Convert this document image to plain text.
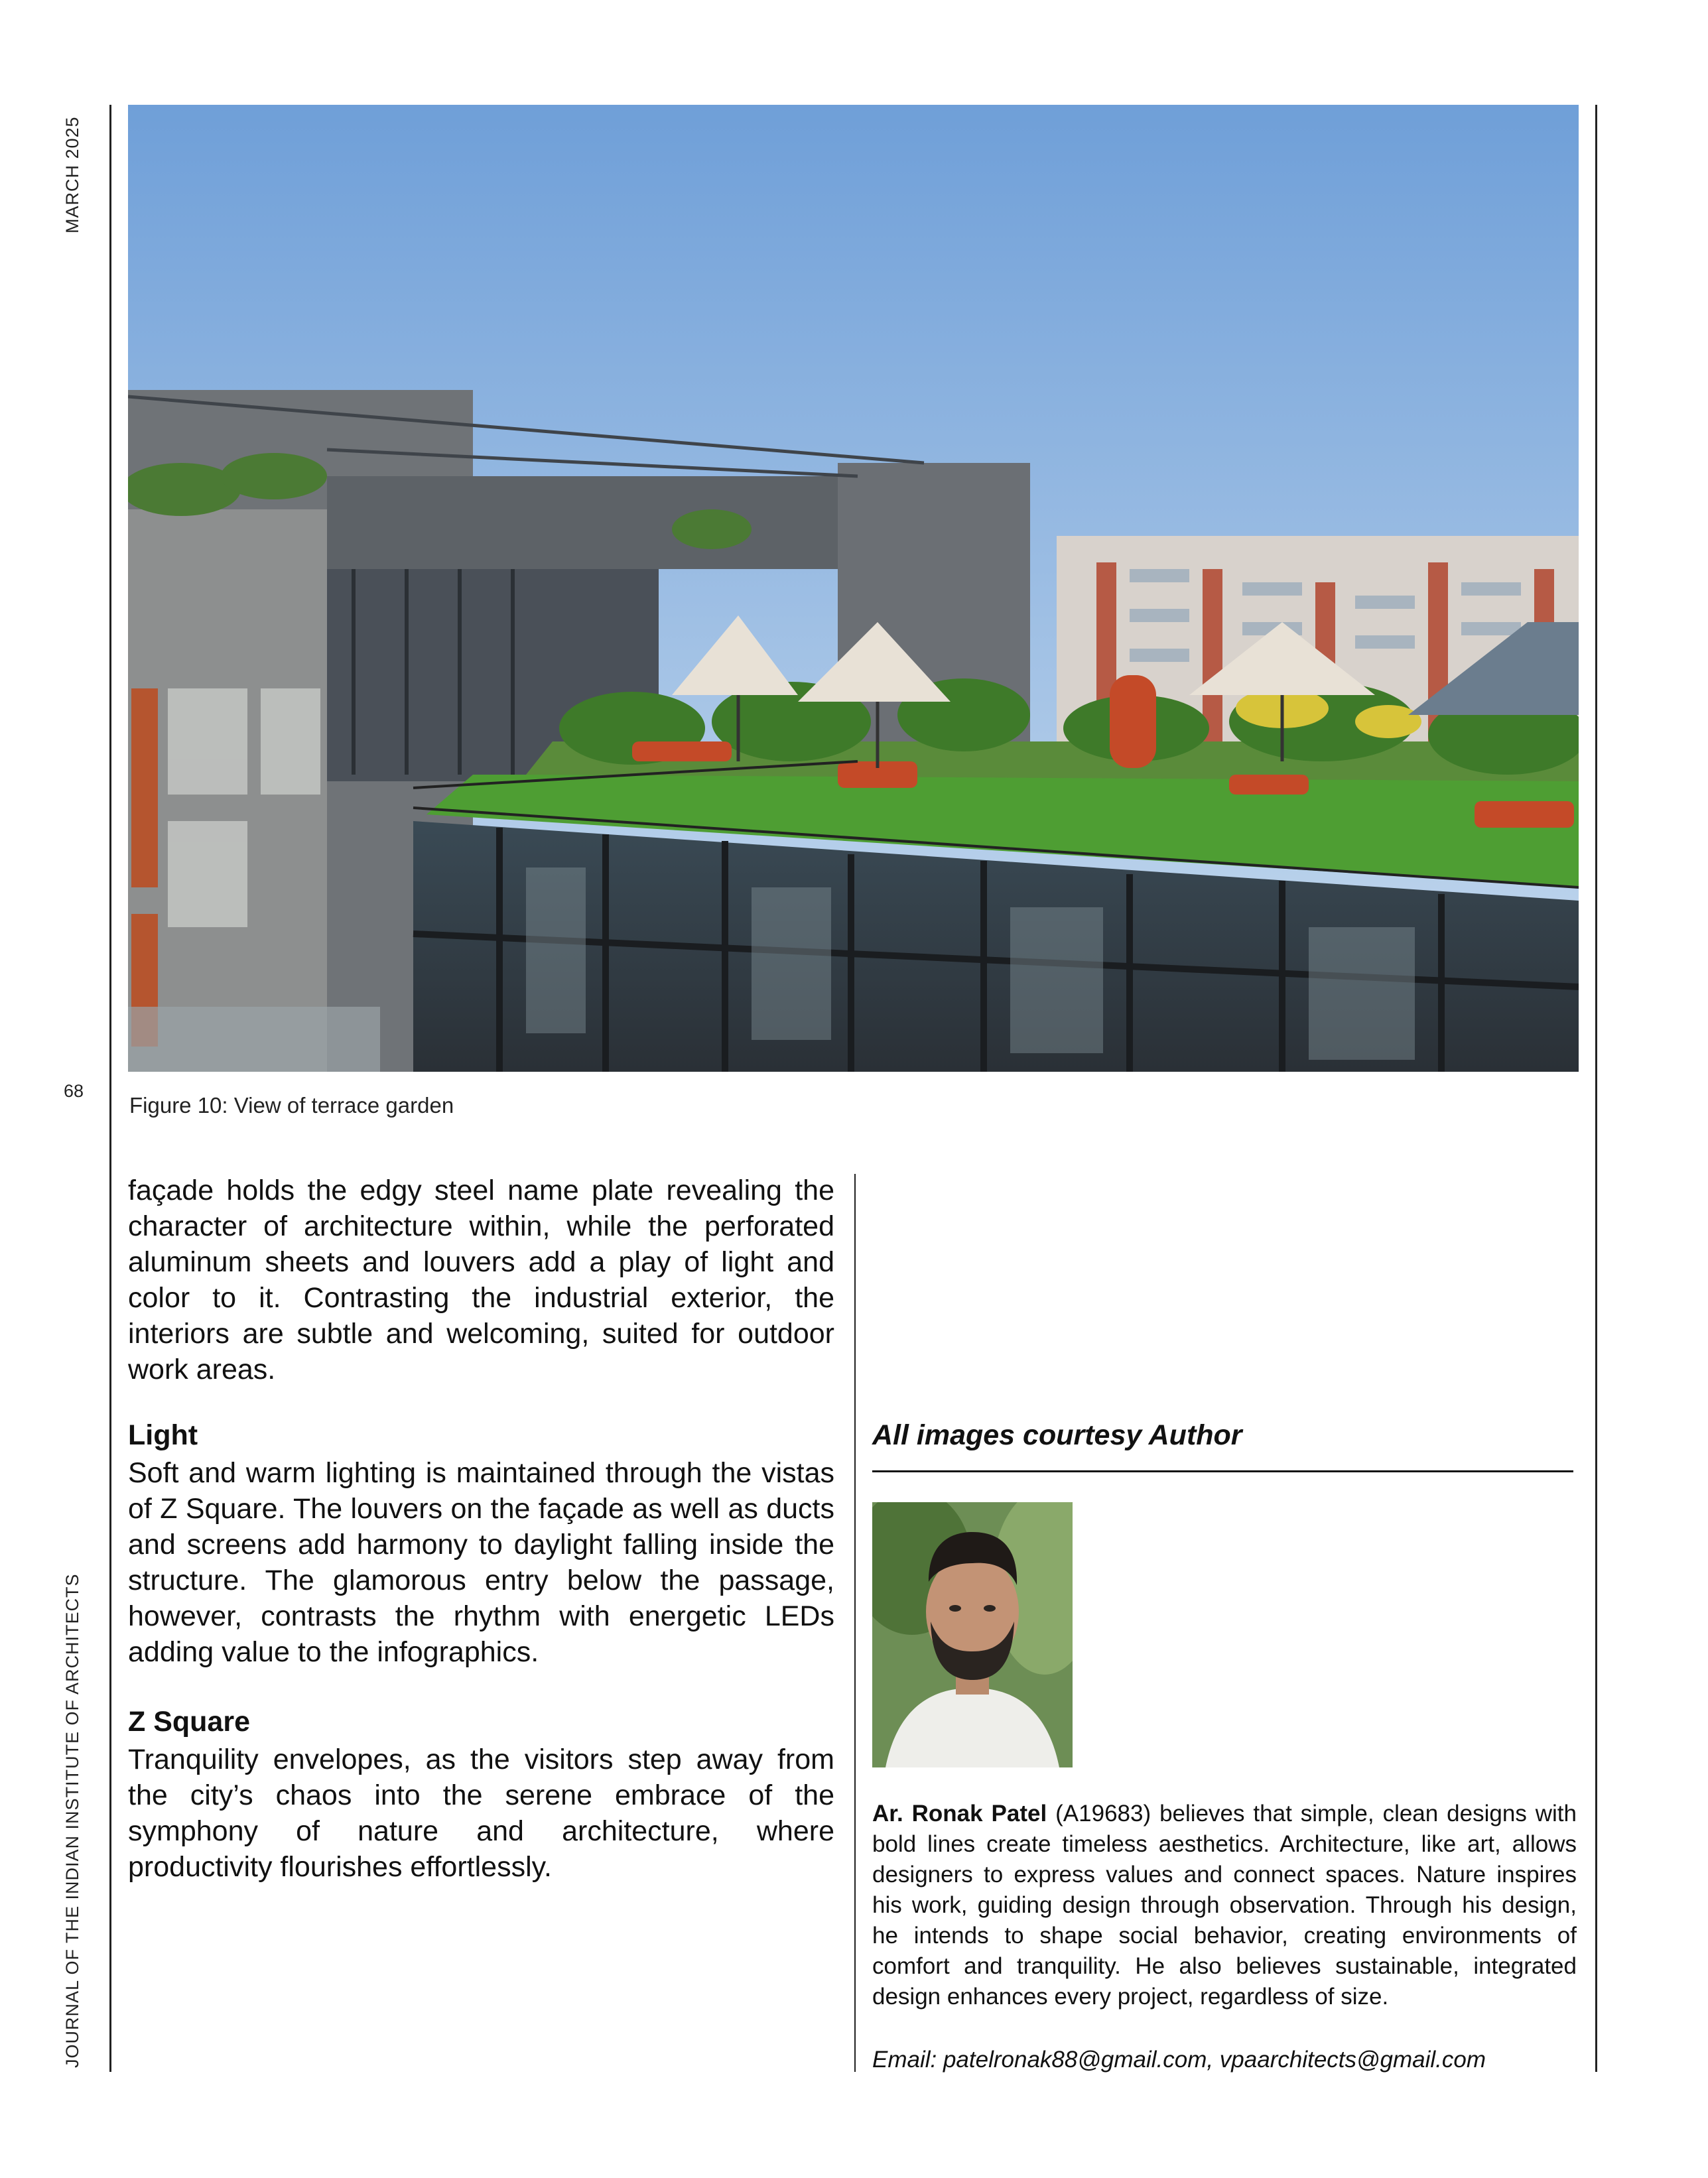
MARCH 2025
JOURNAL OF THE INDIAN INSTITUTE OF ARCHITECTS
68
Figure 10: View of terrace garden
façade holds the edgy steel name plate revealing the character of architecture within, while the perforated aluminum sheets and louvers add a play of light and color to it. Contrasting the industrial exterior, the interiors are subtle and welcoming, suited for outdoor work areas.
Light
Soft and warm lighting is maintained through the vistas of Z Square. The louvers on the façade as well as ducts and screens add harmony to daylight falling inside the structure. The glamorous entry below the passage, however, contrasts the rhythm with energetic LEDs adding value to the infographics.
Z Square
Tranquility envelopes, as the visitors step away from the city’s chaos into the serene embrace of the symphony of nature and architecture, where productivity flourishes effortlessly.
All images courtesy Author
Ar. Ronak Patel (A19683) believes that simple, clean designs with bold lines create timeless aesthetics. Architecture, like art, allows designers to express values and connect spaces. Nature inspires his work, guiding design through observation. Through his design, he intends to shape social behavior, creating environments of comfort and tranquility. He also believes sustainable, integrated design enhances every project, regardless of size.
Email: patelronak88@gmail.com, vpaarchitects@gmail.com
